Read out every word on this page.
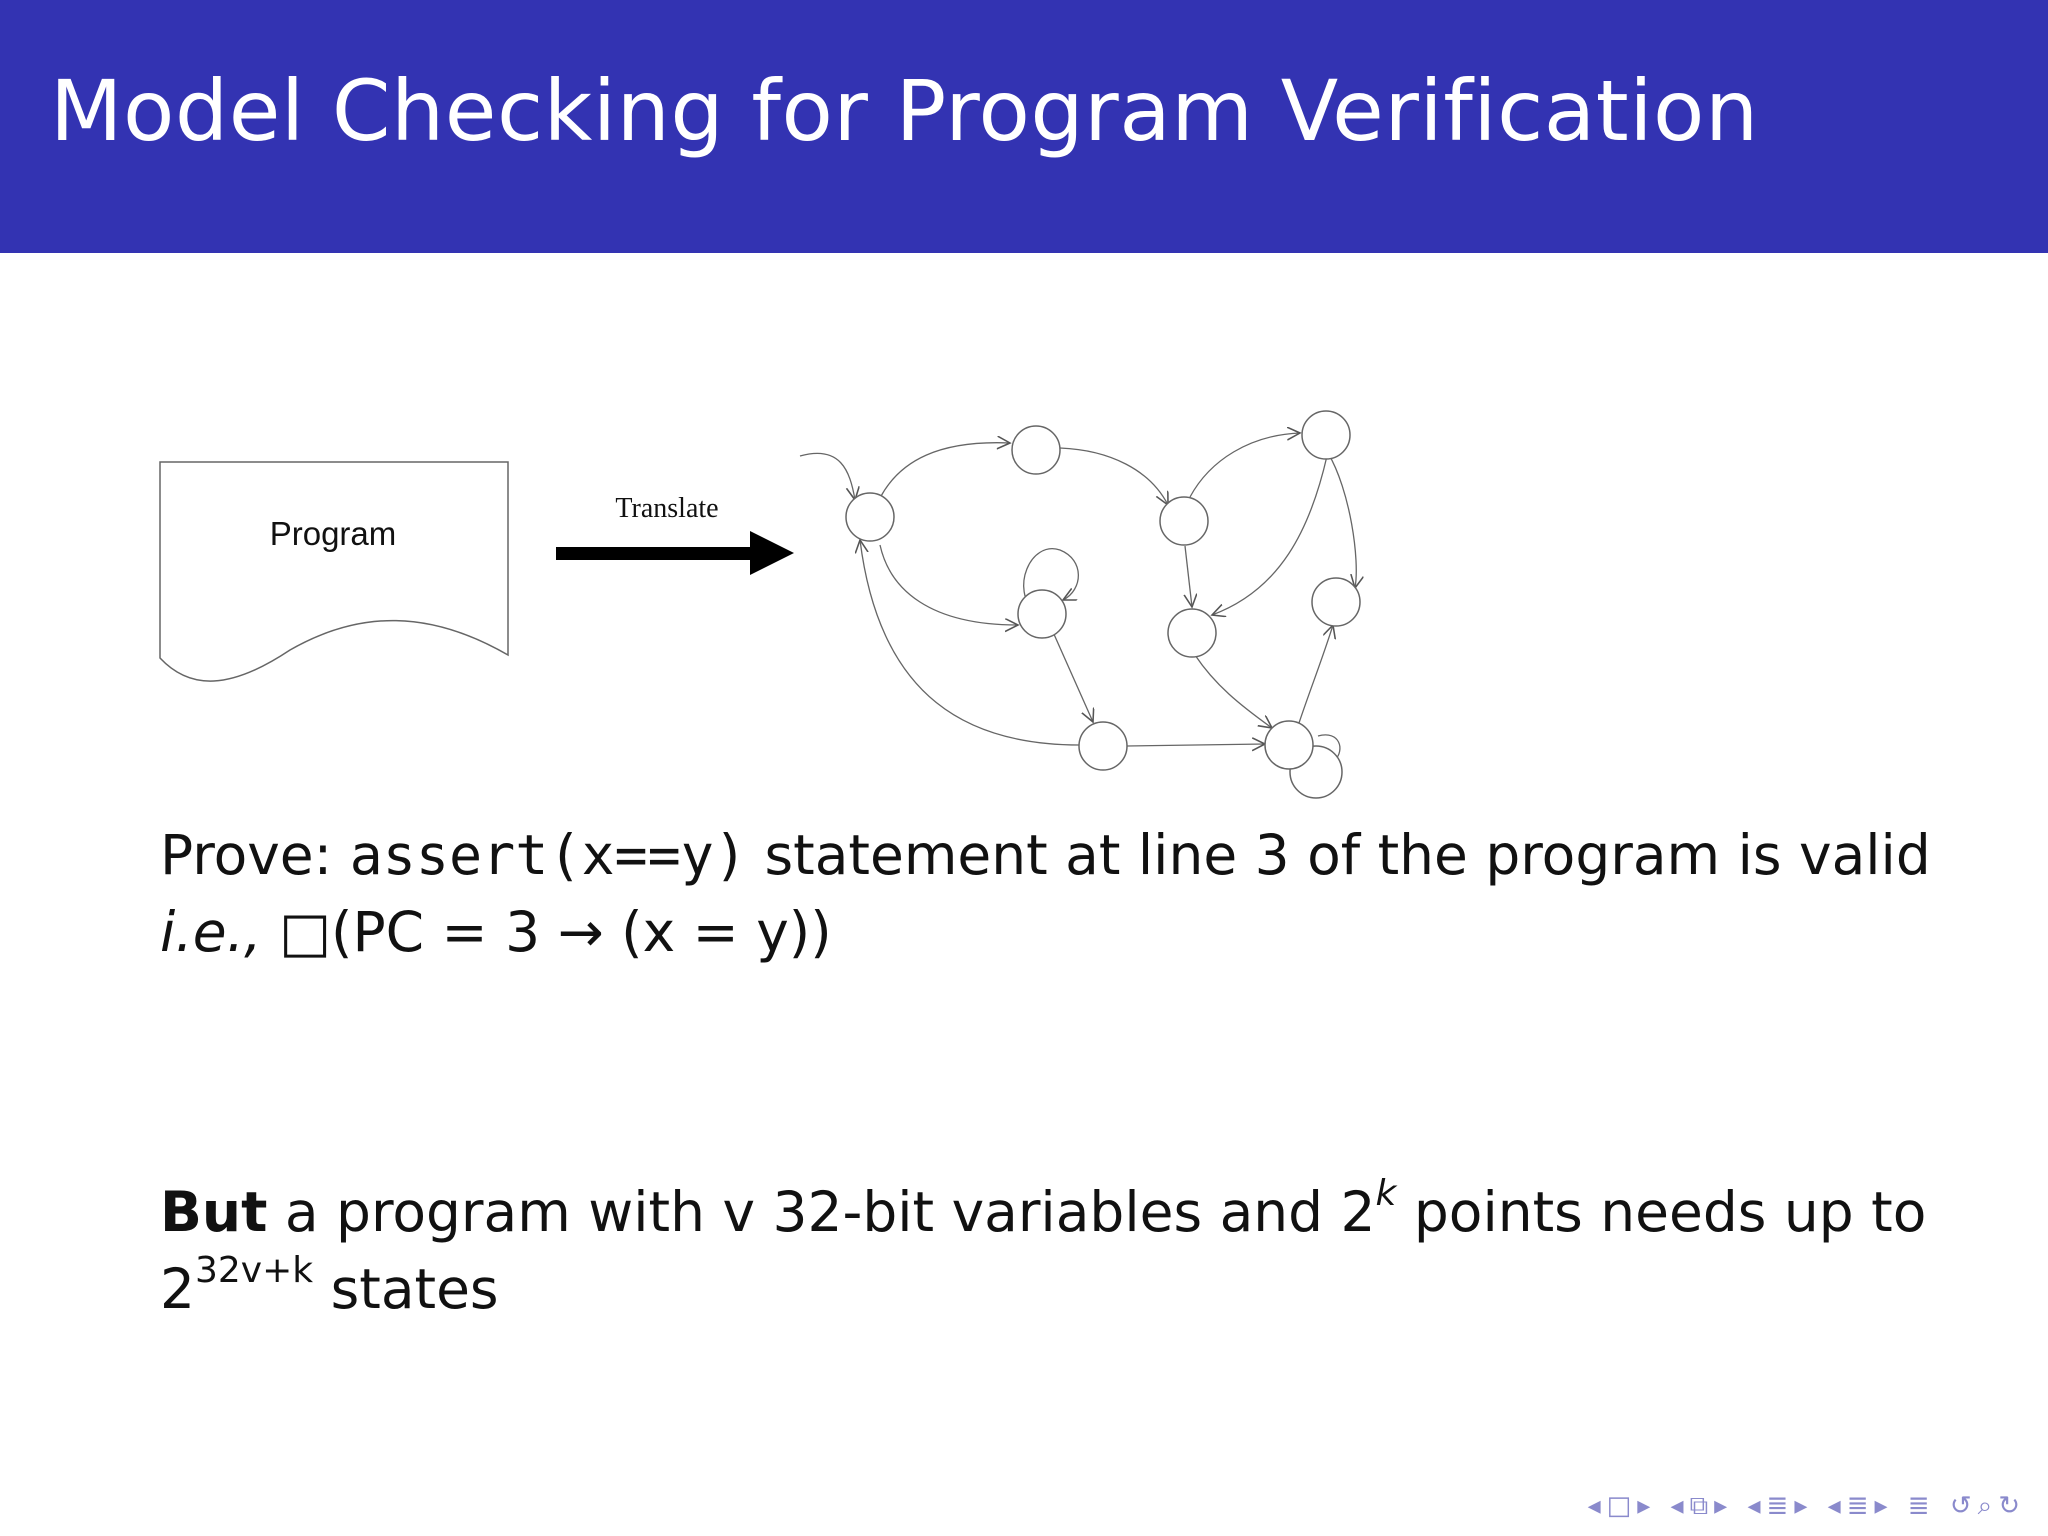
Model Checking for Program Verification
Program
Translate
Prove: assert(x==y) statement at line 3 of the program is valid
i.e., □(PC = 3 → (x = y))
But a program with v 32-bit variables and 2$^k$ points needs up to
$2^{32v+k}$ states
◂□▸ ◂⧉▸ ◂≣▸ ◂≣▸ ≣ ↺⌕↻
